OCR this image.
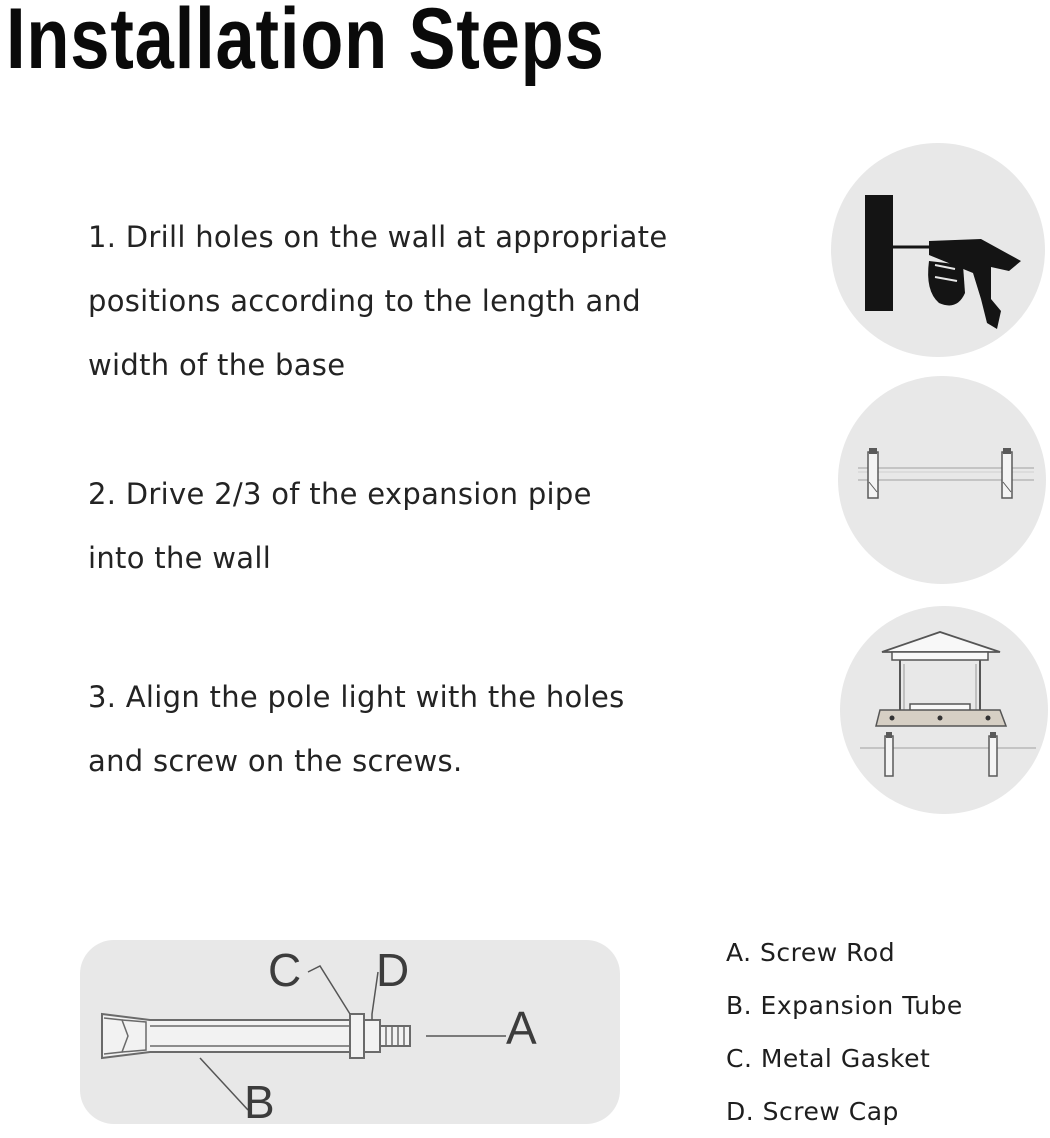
Installation Steps

1. Drill holes on the wall at appropriate
positions according to the length and
width of the base

2. Drive 2/3 of the expansion pipe
into the wall

3. Align the pole light with the holes
and screw on the screws.

C D
A
B
A. Screw Rod
B. Expansion Tube
C. Metal Gasket
D. Screw Cap
